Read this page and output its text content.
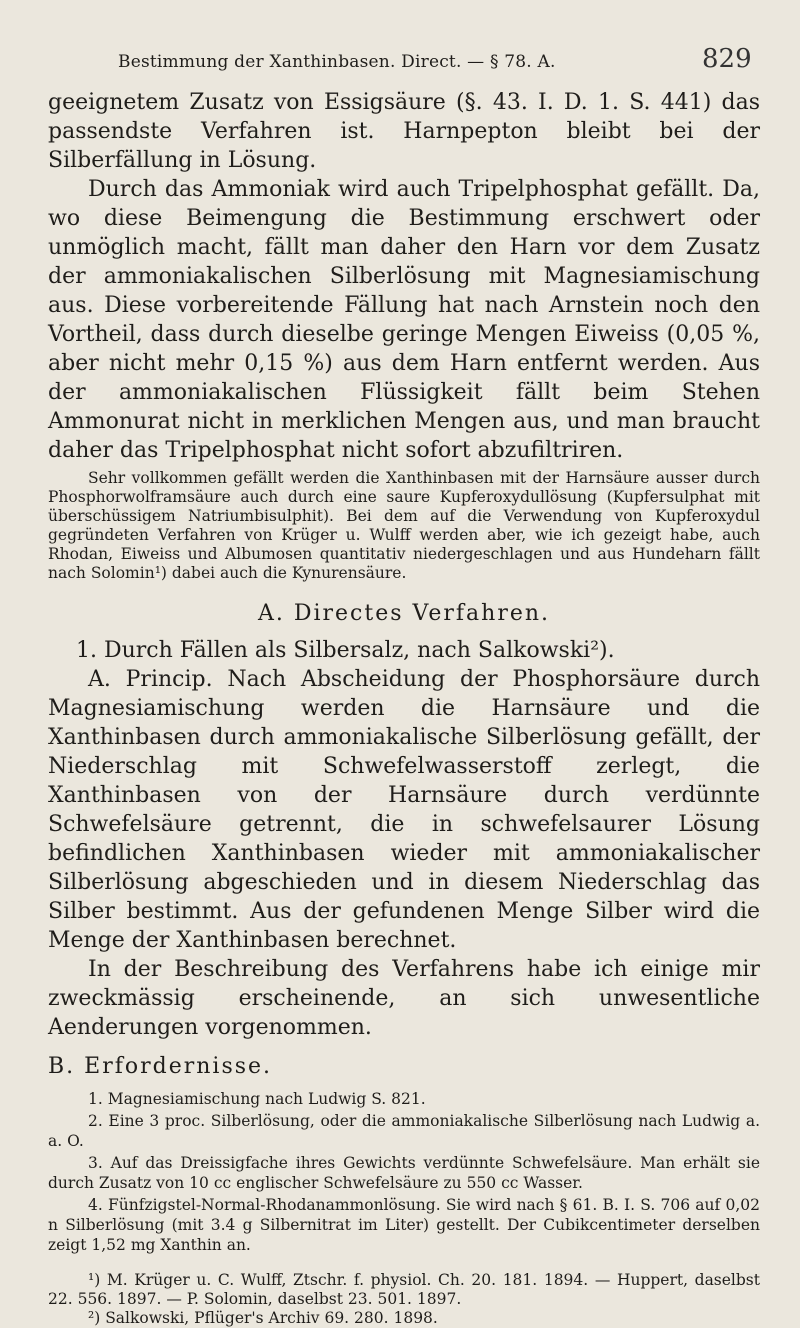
Bestimmung der Xanthinbasen. Direct. — § 78. A.	829

geeignetem Zusatz von Essigsäure (§. 43. I. D. 1. S. 441) das passendste Verfahren ist. Harnpepton bleibt bei der Silberfällung in Lösung.

Durch das Ammoniak wird auch Tripelphosphat gefällt. Da, wo diese Beimengung die Bestimmung erschwert oder unmöglich macht, fällt man daher den Harn vor dem Zusatz der ammoniakalischen Silberlösung mit Magnesiamischung aus. Diese vorbereitende Fällung hat nach Arnstein noch den Vortheil, dass durch dieselbe geringe Mengen Eiweiss (0,05 %, aber nicht mehr 0,15 %) aus dem Harn entfernt werden. Aus der ammoniakalischen Flüssigkeit fällt beim Stehen Ammonurat nicht in merklichen Mengen aus, und man braucht daher das Tripelphosphat nicht sofort abzufiltriren.

Sehr vollkommen gefällt werden die Xanthinbasen mit der Harnsäure ausser durch Phosphorwolframsäure auch durch eine saure Kupferoxydullösung (Kupfersulphat mit überschüssigem Natriumbisulphit). Bei dem auf die Verwendung von Kupferoxydul gegründeten Verfahren von Krüger u. Wulff werden aber, wie ich gezeigt habe, auch Rhodan, Eiweiss und Albumosen quantitativ niedergeschlagen und aus Hundeharn fällt nach Solomin¹) dabei auch die Kynurensäure.

A. Directes Verfahren.

1. Durch Fällen als Silbersalz, nach Salkowski²).

A. Princip. Nach Abscheidung der Phosphorsäure durch Magnesiamischung werden die Harnsäure und die Xanthinbasen durch ammoniakalische Silberlösung gefällt, der Niederschlag mit Schwefelwasserstoff zerlegt, die Xanthinbasen von der Harnsäure durch verdünnte Schwefelsäure getrennt, die in schwefelsaurer Lösung befindlichen Xanthinbasen wieder mit ammoniakalischer Silberlösung abgeschieden und in diesem Niederschlag das Silber bestimmt. Aus der gefundenen Menge Silber wird die Menge der Xanthinbasen berechnet.

In der Beschreibung des Verfahrens habe ich einige mir zweckmässig erscheinende, an sich unwesentliche Aenderungen vorgenommen.

B. Erfordernisse.

1. Magnesiamischung nach Ludwig S. 821.

2. Eine 3 proc. Silberlösung, oder die ammoniakalische Silberlösung nach Ludwig a. a. O.

3. Auf das Dreissigfache ihres Gewichts verdünnte Schwefelsäure. Man erhält sie durch Zusatz von 10 cc englischer Schwefelsäure zu 550 cc Wasser.

4. Fünfzigstel-Normal-Rhodanammonlösung. Sie wird nach § 61. B. I. S. 706 auf 0,02 n Silberlösung (mit 3.4 g Silbernitrat im Liter) gestellt. Der Cubikcentimeter derselben zeigt 1,52 mg Xanthin an.

¹) M. Krüger u. C. Wulff, Ztschr. f. physiol. Ch. 20. 181. 1894. — Huppert, daselbst 22. 556. 1897. — P. Solomin, daselbst 23. 501. 1897.

²) Salkowski, Pflüger's Archiv 69. 280. 1898.
